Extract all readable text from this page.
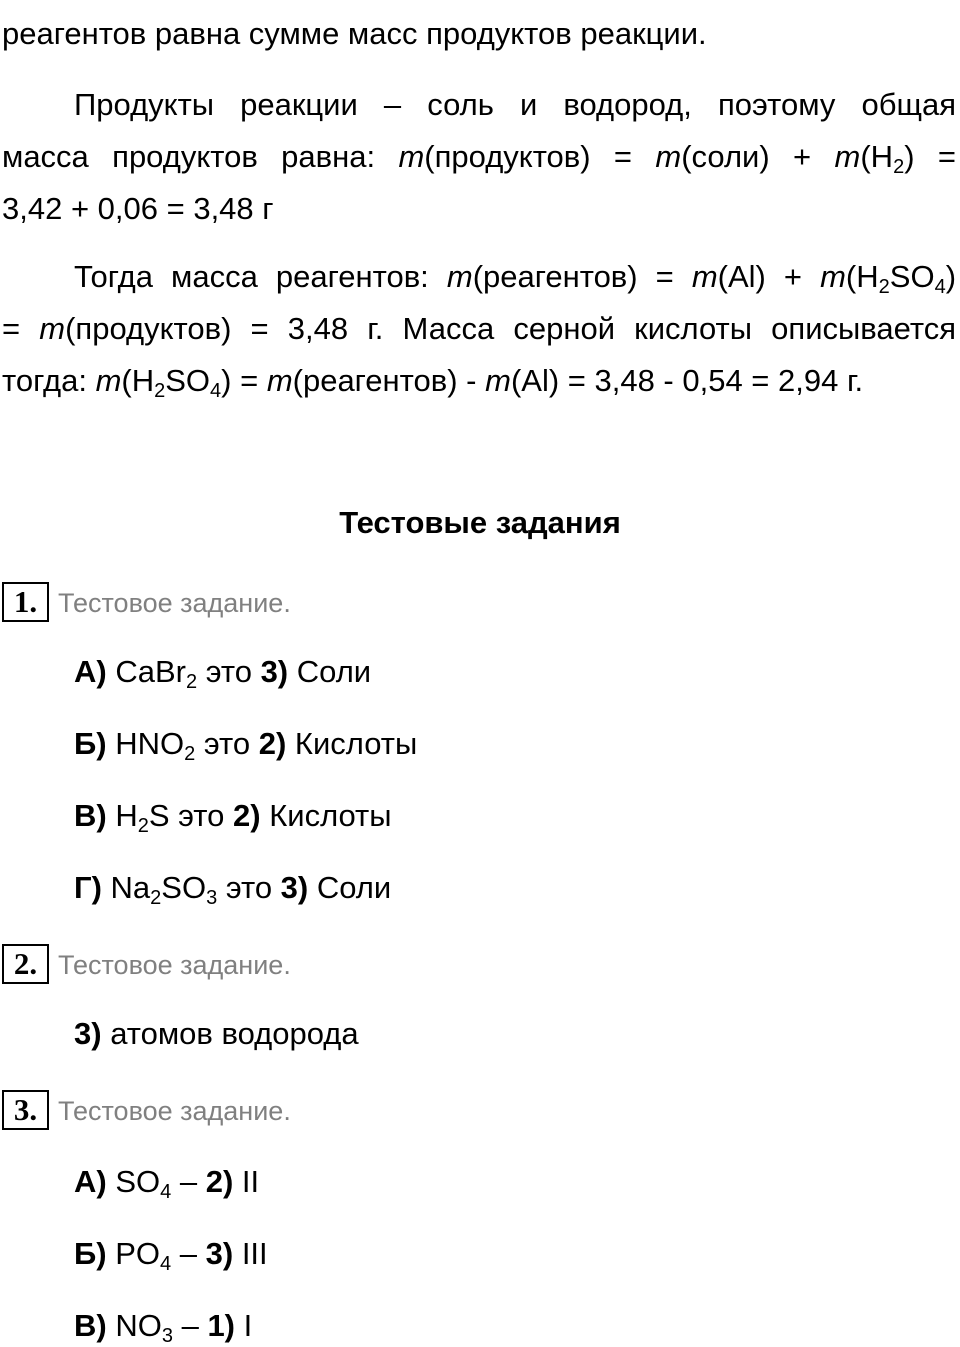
реагентов равна сумме масс продуктов реакции.
Продукты реакции – соль и водород, поэтому общая
масса продуктов равна: m(продуктов) = m(соли) + $m(H_2)$ =
3,42 + 0,06 = 3,48 г
Тогда масса реагентов: m(реагентов) = $m(Al) + m(H_2SO_4)$
= m(продуктов) = 3,48 г. Масса серной кислоты описывается
тогда: $m(H_2SO_4)$ = m(реагентов) - m(Al) = 3,48 - 0,54 = 2,94 г.
Тестовые задания
1. Тестовое задание.
А) CaBr$_2$ это 3) Соли
Б) $HNO_2$ это 2) Кислоты
В) $H_2S$ это 2) Кислоты
Г) $Na_2SO_3$ это 3) Соли
2. Тестовое задание.
3) атомов водорода
3. Тестовое задание.
А) $SO_4 - 2$) II
Б) $PO_4 - 3$) III
В) $NO_3 - 1$) I
